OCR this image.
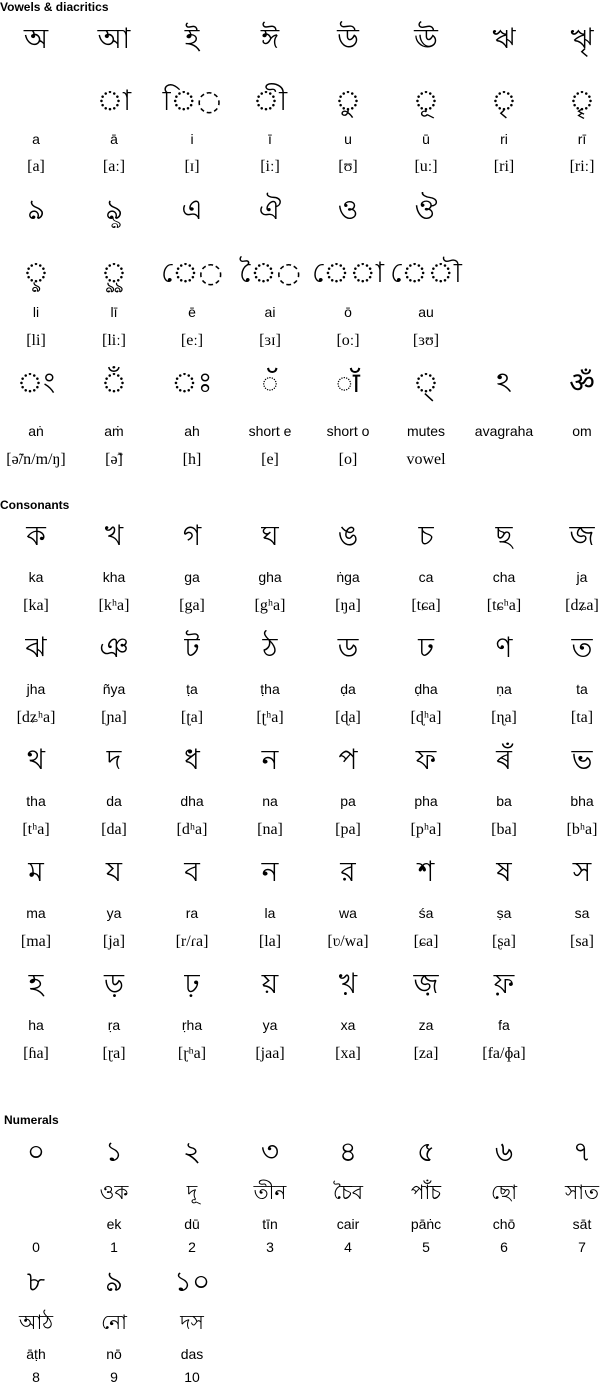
Vowels & diacritics
Consonants
Numerals
অ
a
[a]
আ
◌া
ā
[aː]
ই
ি◌
i
[ɪ]
ঈ
◌ী
ī
[iː]
উ
◌ু
u
[ʊ]
ঊ
◌ূ
ū
[uː]
ঋ
◌ৃ
ri
[ri]
ৠ
◌ৄ
rī
[riː]
ঌ
◌ৢ
li
[li]
ৡ
◌ৣ
lī
[liː]
এ
ে◌
ē
[eː]
ঐ
ৈ◌
ai
[ɜɪ]
ও
ে◌া
ō
[oː]
ঔ
ে◌ৗ
au
[ɜʊ]
◌ং
aṅ
[ə̃/n/m/ŋ]
◌ঁ
aṁ
[ə̃]
◌ঃ
ah
[h]
◌ॅ
short e
[e]
◌ॉ
short o
[o]
◌্
mutes
vowel
ঽ
avagraha
ॐ
om
ক
ka
[ka]
খ
kha
[kʰa]
গ
ga
[ga]
ঘ
gha
[gʰa]
ঙ
ṅga
[ŋa]
চ
ca
[tɕa]
ছ
cha
[tɕʰa]
জ
ja
[dʑa]
ঝ
jha
[dʑʰa]
ঞ
ñya
[ɲa]
ট
ṭa
[ʈa]
ঠ
ṭha
[ʈʰa]
ড
ḍa
[ɖa]
ঢ
ḍha
[ɖʰa]
ণ
ṇa
[ɳa]
ত
ta
[ta]
থ
tha
[tʰa]
দ
da
[da]
ধ
dha
[dʰa]
ন
na
[na]
প
pa
[pa]
ফ
pha
[pʰa]
ৰঁ
ba
[ba]
ভ
bha
[bʰa]
ম
ma
[ma]
য
ya
[ja]
ব
ra
[r/ɾa]
ন
la
[la]
র
wa
[ʋ/wa]
শ
śa
[ɕa]
ষ
ṣa
[ʂa]
স
sa
[sa]
হ
ha
[ɦa]
ড়
ṛa
[ɽa]
ঢ়
ṛha
[ɽʰa]
য়
ya
[jaa]
খ়
xa
[xa]
জ়
za
[za]
ফ়
fa
[fa/ɸa]
০
0
১
ওক
ek
1
২
দূ
dū
2
৩
তীন
tīn
3
৪
চৈব
cair
4
৫
পাঁচ
pāṅc
5
৬
ছো
chō
6
৭
সাত
sāt
7
৮
আঠ
āṭh
8
৯
নো
nō
9
১০
দস
das
10
